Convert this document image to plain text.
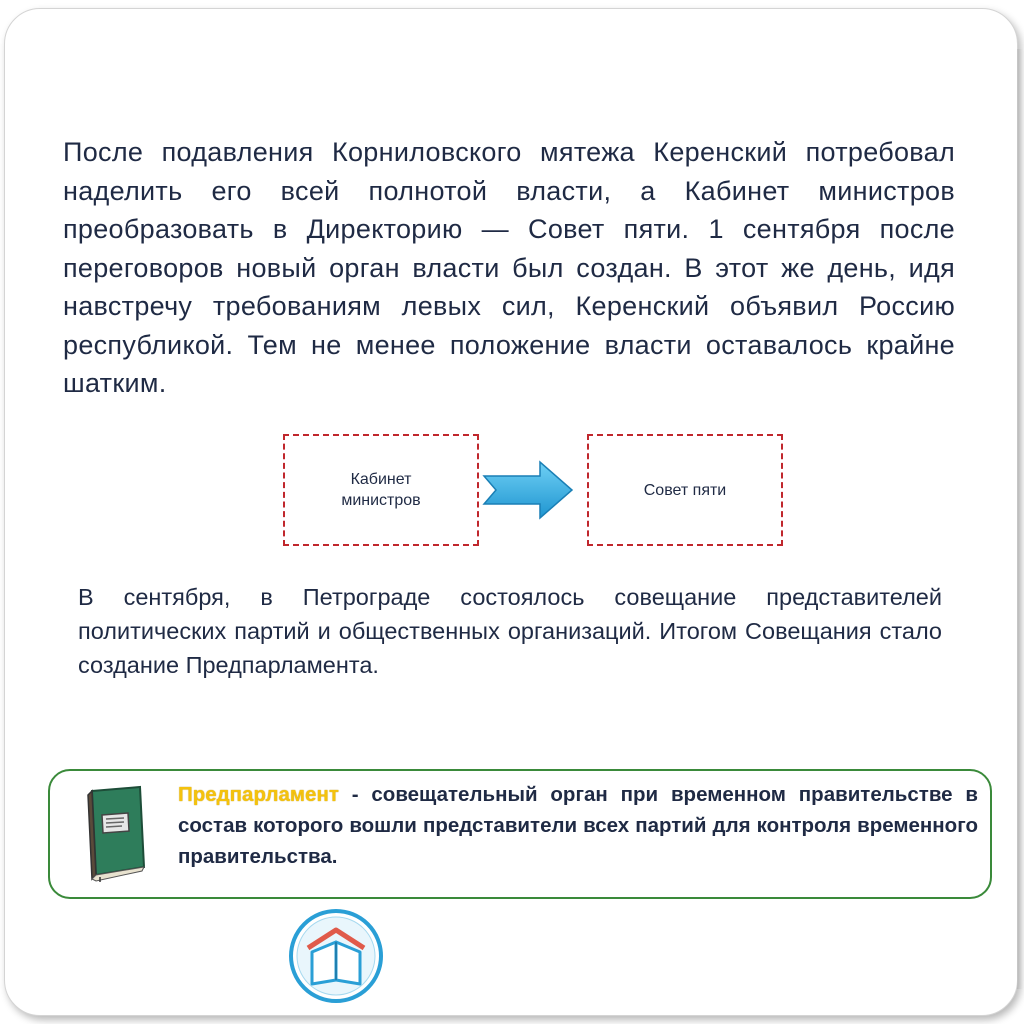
После подавления Корниловского мятежа Керенский потребовал наделить его всей полнотой власти, а Кабинет министров преобразовать в Директорию — Совет пяти. 1 сентября после переговоров новый орган власти был создан. В этот же день, идя навстречу требованиям левых сил, Керенский объявил Россию республикой. Тем не менее положение власти оставалось крайне шатким.
Кабинет министров
Совет пяти
В сентября, в Петрограде состоялось совещание представителей политических партий и общественных организаций. Итогом Совещания стало создание Предпарламента.
Предпарламент - совещательный орган при временном правительстве в состав которого вошли представители всех партий для контроля временного правительства.
